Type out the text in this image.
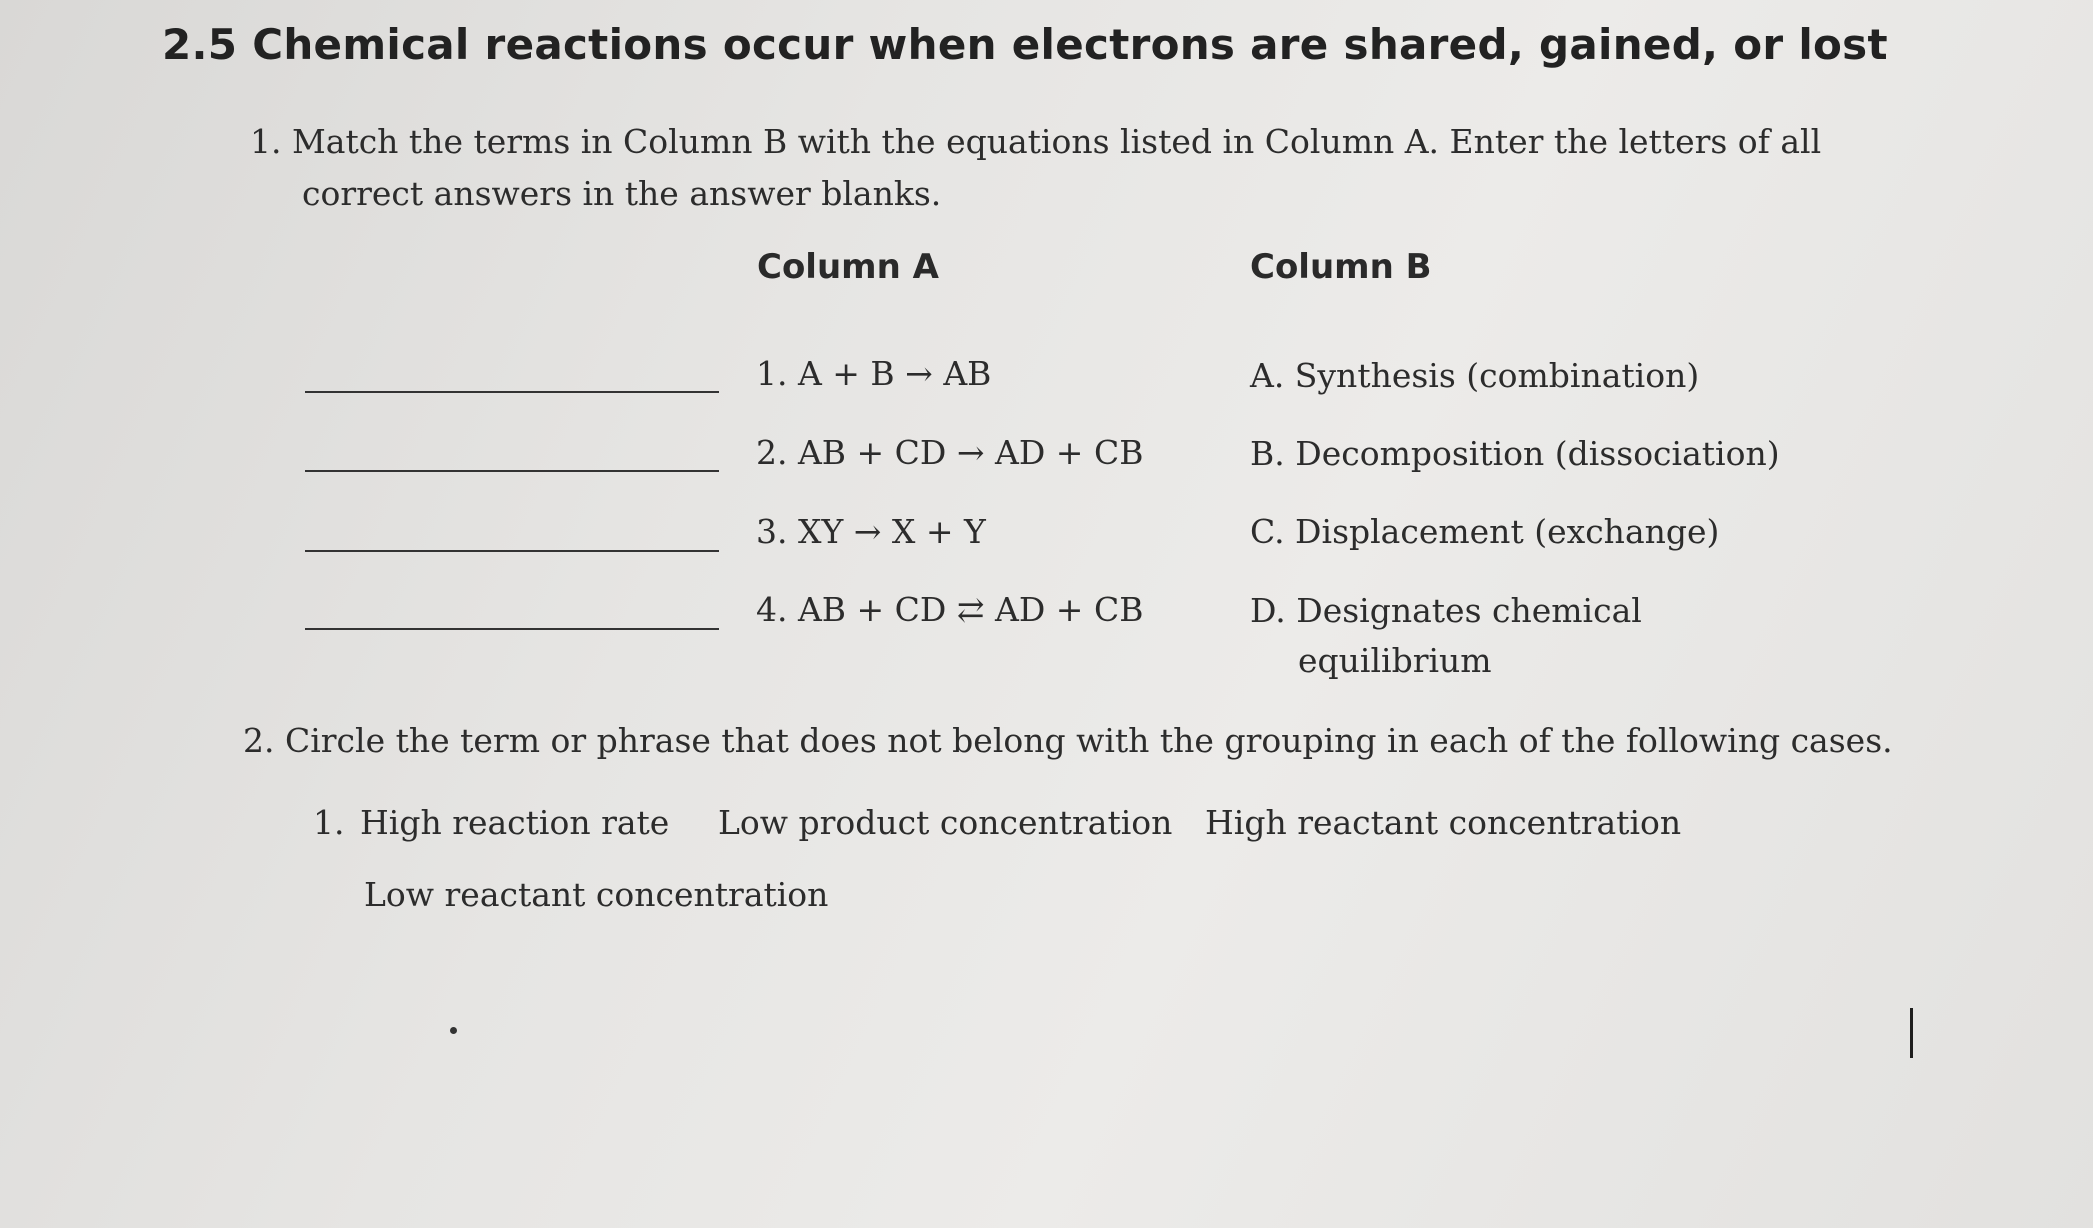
2.5 Chemical reactions occur when electrons are shared, gained, or lost
1. Match the terms in Column B with the equations listed in Column A. Enter the letters of all
correct answers in the answer blanks.
Column A	Column B
1. A + B → AB
2. AB + CD → AD + CB
3. XY → X + Y
4. AB + CD ⇄ AD + CB
A. Synthesis (combination)
B. Decomposition (dissociation)
C. Displacement (exchange)
D. Designates chemical
equilibrium
2. Circle the term or phrase that does not belong with the grouping in each of the following cases.
1. High reaction rate Low product concentration High reactant concentration
Low reactant concentration
